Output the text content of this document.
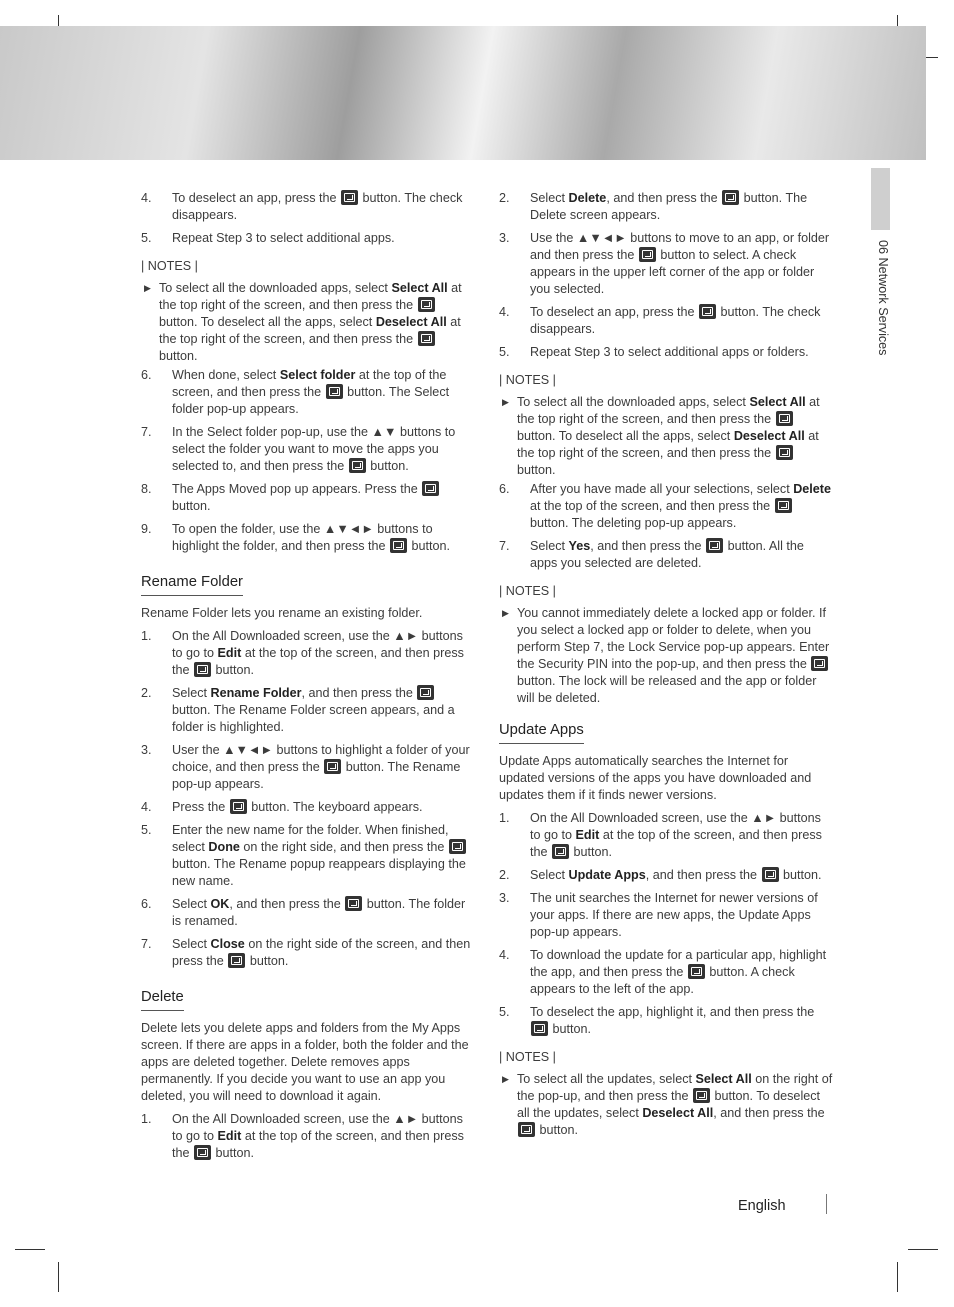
06 Network Services
4. To deselect an app, press the button. The check disappears.
5. Repeat Step 3 to select additional apps.
| NOTES |
▶ To select all the downloaded apps, select Select All at the top right of the screen, and then press the  button. To deselect all the apps, select Deselect All at the top right of the screen, and then press the  button.
6. When done, select Select folder at the top of the screen, and then press the button. The Select folder pop-up appears.
7. In the Select folder pop-up, use the ▲▼ buttons to select the folder you want to move the apps you selected to, and then press the button.
8. The Apps Moved pop up appears. Press the  button.
9. To open the folder, use the ▲▼◄► buttons to highlight the folder, and then press the button.
Rename Folder
Rename Folder lets you rename an existing folder.
1. On the All Downloaded screen, use the ▲► buttons to go to Edit at the top of the screen, and then press the button.
2. Select Rename Folder, and then press the  button. The Rename Folder screen appears, and a folder is highlighted.
3. User the ▲▼◄► buttons to highlight a folder of your choice, and then press the button. The Rename pop-up appears.
4. Press the button. The keyboard appears.
5. Enter the new name for the folder. When finished, select Done on the right side, and then press the  button. The Rename popup reappears displaying the new name.
6. Select OK, and then press the button. The folder is renamed.
7. Select Close on the right side of the screen, and then press the button.
Delete
Delete lets you delete apps and folders from the My Apps screen. If there are apps in a folder, both the folder and the apps are deleted together. Delete removes apps permanently. If you decide you want to use an app you deleted, you will need to download it again.
1. On the All Downloaded screen, use the ▲► buttons to go to Edit at the top of the screen, and then press the button.
2. Select Delete, and then press the button. The Delete screen appears.
3. Use the ▲▼◄► buttons to move to an app, or folder and then press the button to select. A check appears in the upper left corner of the app or folder you selected.
4. To deselect an app, press the button. The check disappears.
5. Repeat Step 3 to select additional apps or folders.
| NOTES |
▶ To select all the downloaded apps, select Select All at the top right of the screen, and then press the  button. To deselect all the apps, select Deselect All at the top right of the screen, and then press the  button.
6. After you have made all your selections, select Delete at the top of the screen, and then press the  button. The deleting pop-up appears.
7. Select Yes, and then press the button. All the apps you selected are deleted.
| NOTES |
▶ You cannot immediately delete a locked app or folder. If you select a locked app or folder to delete, when you perform Step 7, the Lock Service pop-up appears. Enter the Security PIN into the pop-up, and then press the  button. The lock will be released and the app or folder will be deleted.
Update Apps
Update Apps automatically searches the Internet for updated versions of the apps you have downloaded and updates them if it finds newer versions.
1. On the All Downloaded screen, use the ▲► buttons to go to Edit at the top of the screen, and then press the button.
2. Select Update Apps, and then press the button.
3. The unit searches the Internet for newer versions of your apps. If there are new apps, the Update Apps pop-up appears.
4. To download the update for a particular app, highlight the app, and then press the button. A check appears to the left of the app.
5. To deselect the app, highlight it, and then press the  button.
| NOTES |
▶ To select all the updates, select Select All on the right of the pop-up, and then press the button. To deselect all the updates, select Deselect All, and then press the  button.
English
